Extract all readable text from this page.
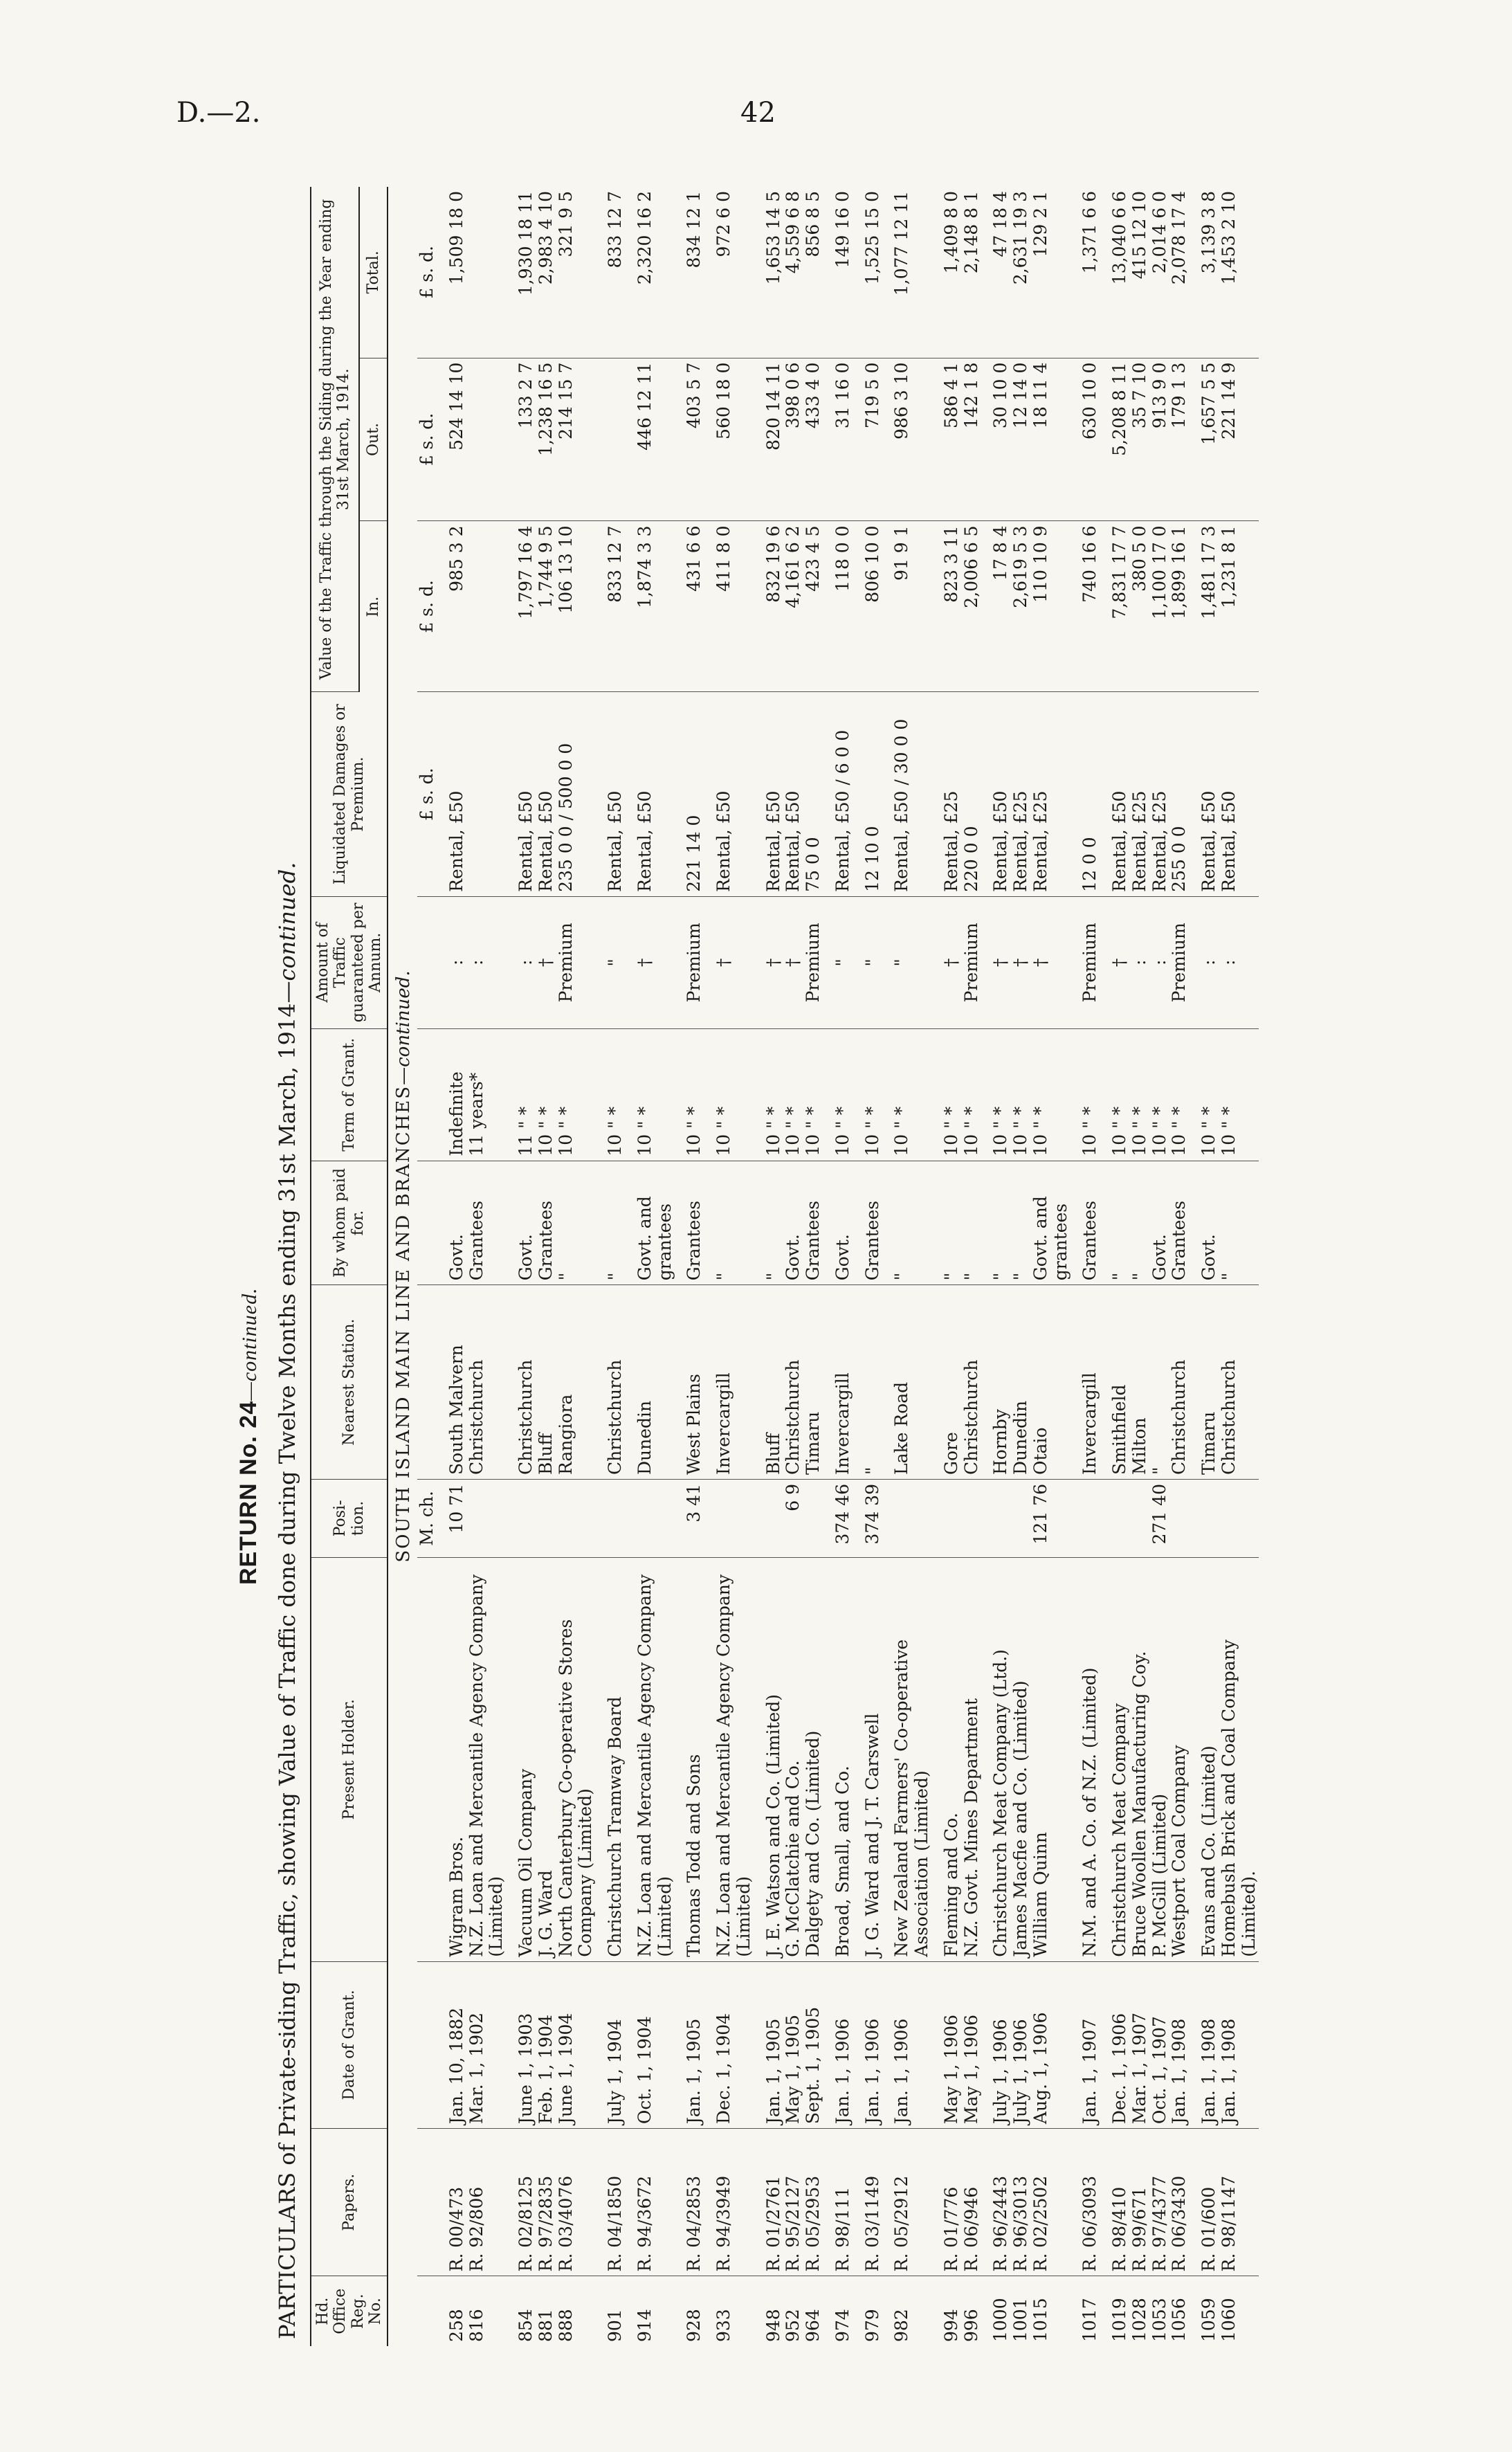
D.—2.	42
RETURN No. 24—continued. PARTICULARS of Private-siding Traffic, showing Value of Traffic done during Twelve Months ending 31st March, 1914—continued.
Hd. Office Reg. No.	Papers.	Date of Grant.	Present Holder.	Posi- tion.	Nearest Station.	By whom paid for.	Term of Grant.	Amount of Traffic guaranteed per Annum.	Liquidated Damages or Premium.	Value of the Traffic through the Siding during the Year ending 31st March, 1914.		
										In.	Out.	Total.
SOUTH ISLAND MAIN LINE AND BRANCHES—continued.												
				M. ch.					£ s. d.	£ s. d.	£ s. d.	£ s. d.
258	R. 00/473	Jan. 10, 1882	Wigram Bros.	10 71	South Malvern	Govt.	Indefinite	:	Rental, £50	985 3 2	524 14 10	1,509 18 0
816	R. 92/806	Mar. 1, 1902	N.Z. Loan and Mercantile Agency Company (Limited)		Christchurch	Grantees	11 years*	:				
854	R. 02/8125	June 1, 1903	Vacuum Oil Company		Christchurch	Govt.	11 " *	:	Rental, £50	1,797 16 4	133 2 7	1,930 18 11
881	R. 97/2835	Feb. 1, 1904	J. G. Ward		Bluff	Grantees	10 " *	†	Rental, £50	1,744 9 5	1,238 16 5	2,983 4 10
888	R. 03/4076	June 1, 1904	North Canterbury Co-operative Stores Company (Limited)		Rangiora	"	10 " *	Premium	235 0 0 / 500 0 0	106 13 10	214 15 7	321 9 5
901	R. 04/1850	July 1, 1904	Christchurch Tramway Board		Christchurch	"	10 " *	"	Rental, £50	833 12 7		833 12 7
914	R. 94/3672	Oct. 1, 1904	N.Z. Loan and Mercantile Agency Company (Limited)		Dunedin	Govt. and grantees	10 " *	†	Rental, £50	1,874 3 3	446 12 11	2,320 16 2
928	R. 04/2853	Jan. 1, 1905	Thomas Todd and Sons	3 41	West Plains	Grantees	10 " *	Premium	221 14 0	431 6 6	403 5 7	834 12 1
933	R. 94/3949	Dec. 1, 1904	N.Z. Loan and Mercantile Agency Company (Limited)		Invercargill	"	10 " *	†	Rental, £50	411 8 0	560 18 0	972 6 0
948	R. 01/2761	Jan. 1, 1905	J. E. Watson and Co. (Limited)		Bluff	"	10 " *	†	Rental, £50	832 19 6	820 14 11	1,653 14 5
952	R. 95/2127	May 1, 1905	G. McClatchie and Co.	6 9	Christchurch	Govt.	10 " *	†	Rental, £50	4,161 6 2	398 0 6	4,559 6 8
964	R. 05/2953	Sept. 1, 1905	Dalgety and Co. (Limited)		Timaru	Grantees	10 " *	Premium	75 0 0	423 4 5	433 4 0	856 8 5
974	R. 98/111	Jan. 1, 1906	Broad, Small, and Co.	374 46	Invercargill	Govt.	10 " *	"	Rental, £50 / 6 0 0	118 0 0	31 16 0	149 16 0
979	R. 03/1149	Jan. 1, 1906	J. G. Ward and J. T. Carswell	374 39	"	Grantees	10 " *	"	12 10 0	806 10 0	719 5 0	1,525 15 0
982	R. 05/2912	Jan. 1, 1906	New Zealand Farmers' Co-operative Association (Limited)		Lake Road	"	10 " *	"	Rental, £50 / 30 0 0	91 9 1	986 3 10	1,077 12 11
994	R. 01/776	May 1, 1906	Fleming and Co.		Gore	"	10 " *	†	Rental, £25	823 3 11	586 4 1	1,409 8 0
996	R. 06/946	May 1, 1906	N.Z. Govt. Mines Department		Christchurch	"	10 " *	Premium	220 0 0	2,006 6 5	142 1 8	2,148 8 1
1000	R. 96/2443	July 1, 1906	Christchurch Meat Company (Ltd.)		Hornby	"	10 " *	†	Rental, £50	17 8 4	30 10 0	47 18 4
1001	R. 96/3013	July 1, 1906	James Macfie and Co. (Limited)		Dunedin	"	10 " *	†	Rental, £25	2,619 5 3	12 14 0	2,631 19 3
1015	R. 02/2502	Aug. 1, 1906	William Quinn	121 76	Otaio	Govt. and grantees	10 " *	†	Rental, £25	110 10 9	18 11 4	129 2 1
1017	R. 06/3093	Jan. 1, 1907	N.M. and A. Co. of N.Z. (Limited)		Invercargill	Grantees	10 " *	Premium	12 0 0	740 16 6	630 10 0	1,371 6 6
1019	R. 98/410	Dec. 1, 1906	Christchurch Meat Company		Smithfield	"	10 " *	†	Rental, £50	7,831 17 7	5,208 8 11	13,040 6 6
1028	R. 99/671	Mar. 1, 1907	Bruce Woollen Manufacturing Coy.		Milton	"	10 " *	:	Rental, £25	380 5 0	35 7 10	415 12 10
1053	R. 97/4377	Oct. 1, 1907	P. McGill (Limited)	271 40	"	Govt.	10 " *	:	Rental, £25	1,100 17 0	913 9 0	2,014 6 0
1056	R. 06/3430	Jan. 1, 1908	Westport Coal Company		Christchurch	Grantees	10 " *	Premium	255 0 0	1,899 16 1	179 1 3	2,078 17 4
1059	R. 01/600	Jan. 1, 1908	Evans and Co. (Limited)		Timaru	Govt.	10 " *	:	Rental, £50	1,481 17 3	1,657 5 5	3,139 3 8
1060	R. 98/1147	Jan. 1, 1908	Homebush Brick and Coal Company (Limited).		Christchurch	"	10 " *	:	Rental, £50	1,231 8 1	221 14 9	1,453 2 10
